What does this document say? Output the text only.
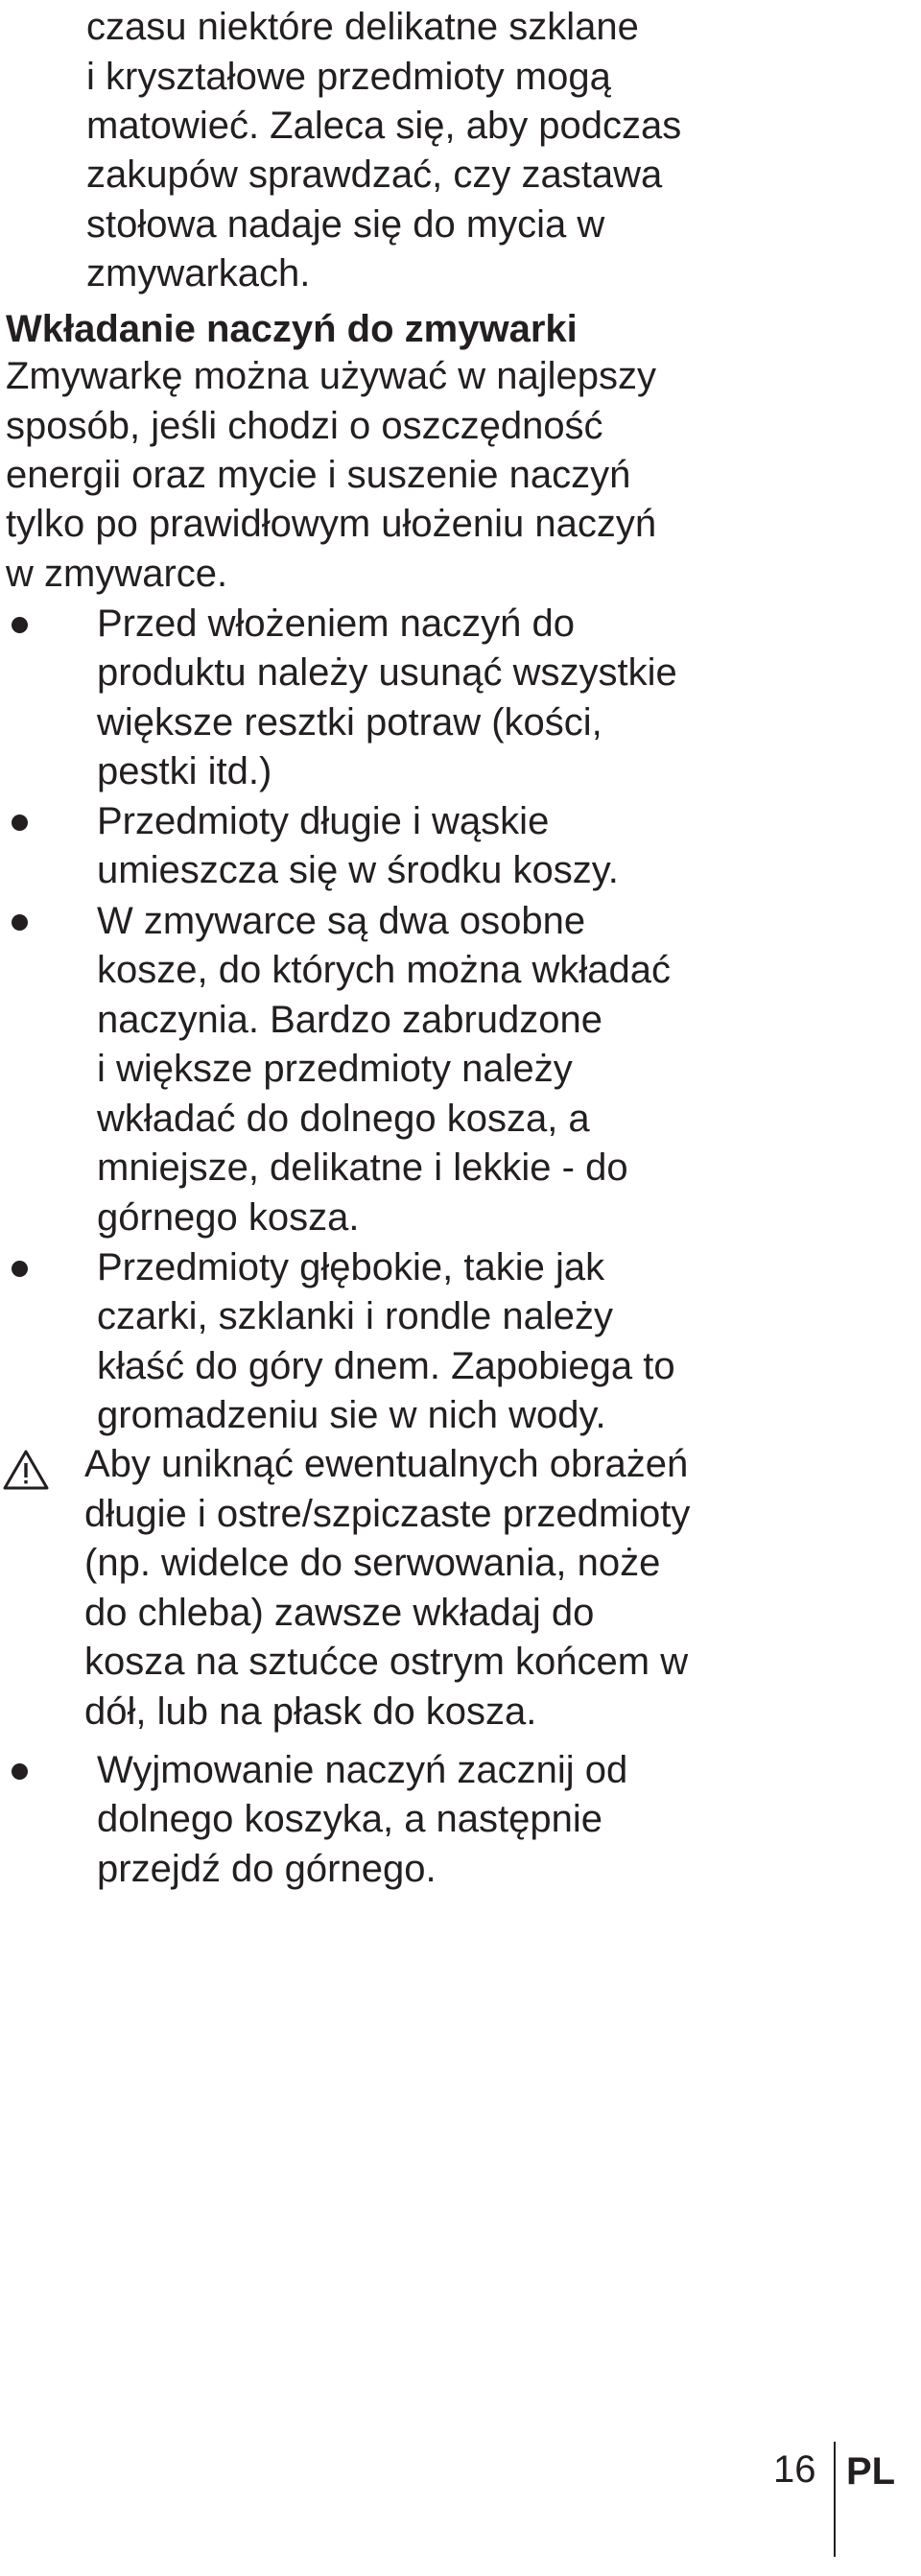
czasu niektóre delikatne szklane
i kryształowe przedmioty mogą
matowieć. Zaleca się, aby podczas
zakupów sprawdzać, czy zastawa
stołowa nadaje się do mycia w
zmywarkach.
Wkładanie naczyń do zmywarki
Zmywarkę można używać w najlepszy
sposób, jeśli chodzi o oszczędność
energii oraz mycie i suszenie naczyń
tylko po prawidłowym ułożeniu naczyń
w zmywarce.
Przed włożeniem naczyń do
produktu należy usunąć wszystkie
większe resztki potraw (kości,
pestki itd.)
Przedmioty długie i wąskie
umieszcza się w środku koszy.
W zmywarce są dwa osobne
kosze, do których można wkładać
naczynia. Bardzo zabrudzone
i większe przedmioty należy
wkładać do dolnego kosza, a
mniejsze, delikatne i lekkie - do
górnego kosza.
Przedmioty głębokie, takie jak
czarki, szklanki i rondle należy
kłaść do góry dnem. Zapobiega to
gromadzeniu sie w nich wody.
Aby uniknąć ewentualnych obrażeń
długie i ostre/szpiczaste przedmioty
(np. widelce do serwowania, noże
do chleba) zawsze wkładaj do
kosza na sztućce ostrym końcem w
dół, lub na płask do kosza.
Wyjmowanie naczyń zacznij od
dolnego koszyka, a następnie
przejdź do górnego.
16 PL
